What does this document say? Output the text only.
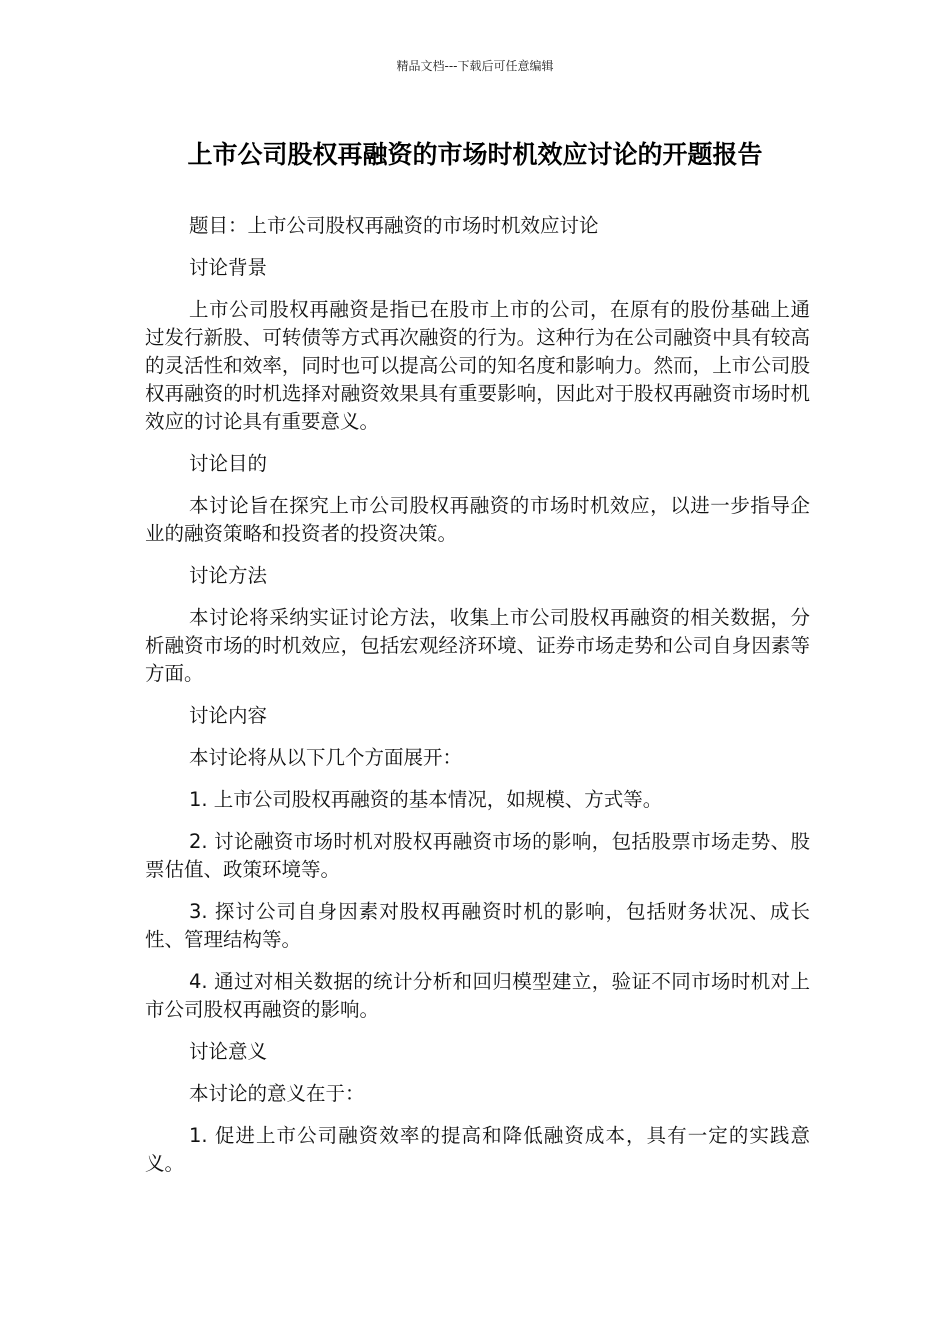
精品文档---下载后可任意编辑
上市公司股权再融资的市场时机效应讨论的开题报告

题目：上市公司股权再融资的市场时机效应讨论

讨论背景

上市公司股权再融资是指已在股市上市的公司，在原有的股份基础上通过发行新股、可转债等方式再次融资的行为。这种行为在公司融资中具有较高的灵活性和效率，同时也可以提高公司的知名度和影响力。然而，上市公司股权再融资的时机选择对融资效果具有重要影响，因此对于股权再融资市场时机效应的讨论具有重要意义。

讨论目的

本讨论旨在探究上市公司股权再融资的市场时机效应，以进一步指导企业的融资策略和投资者的投资决策。

讨论方法

本讨论将采纳实证讨论方法，收集上市公司股权再融资的相关数据，分析融资市场的时机效应，包括宏观经济环境、证券市场走势和公司自身因素等方面。

讨论内容

本讨论将从以下几个方面展开：

1. 上市公司股权再融资的基本情况，如规模、方式等。

2. 讨论融资市场时机对股权再融资市场的影响，包括股票市场走势、股票估值、政策环境等。

3. 探讨公司自身因素对股权再融资时机的影响，包括财务状况、成长性、管理结构等。

4. 通过对相关数据的统计分析和回归模型建立，验证不同市场时机对上市公司股权再融资的影响。

讨论意义

本讨论的意义在于：

1. 促进上市公司融资效率的提高和降低融资成本，具有一定的实践意义。
